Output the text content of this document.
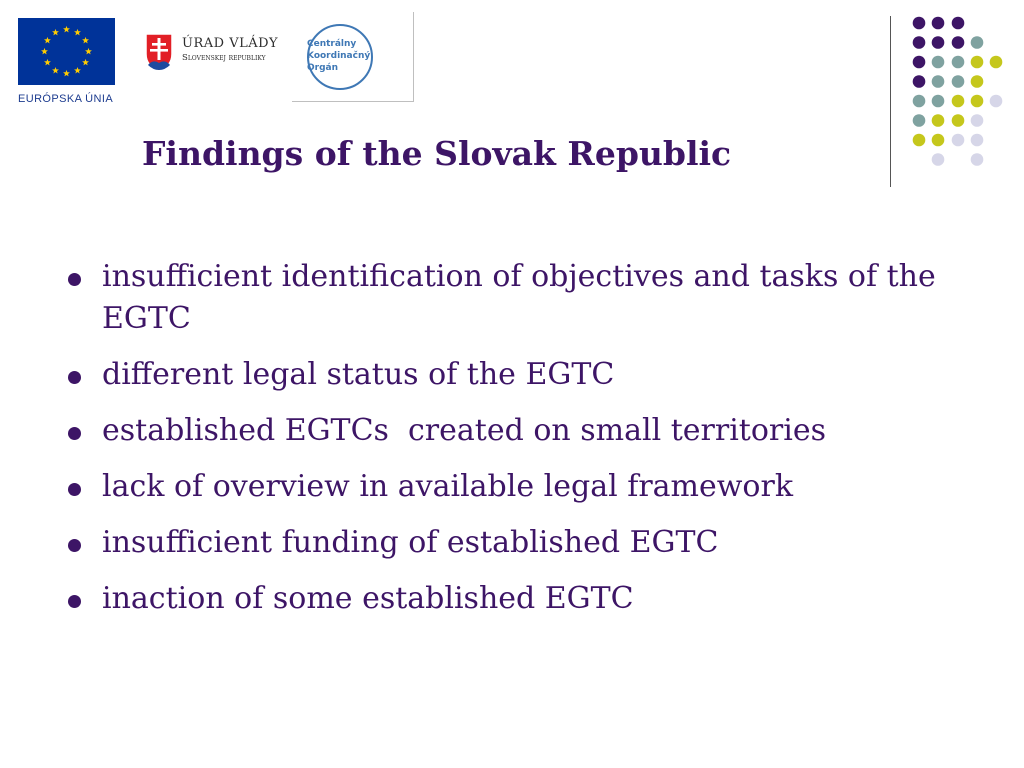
EURÓPSKA ÚNIA
ÚRAD VLÁDY
Slovenskej republiky
Centrálny
Koordinačný
Orgán
Findings of the Slovak Republic
insufficient identification of objectives and tasks of the EGTC
different legal status of the EGTC
established EGTCs  created on small territories
lack of overview in available legal framework
insufficient funding of established EGTC
inaction of some established EGTC
